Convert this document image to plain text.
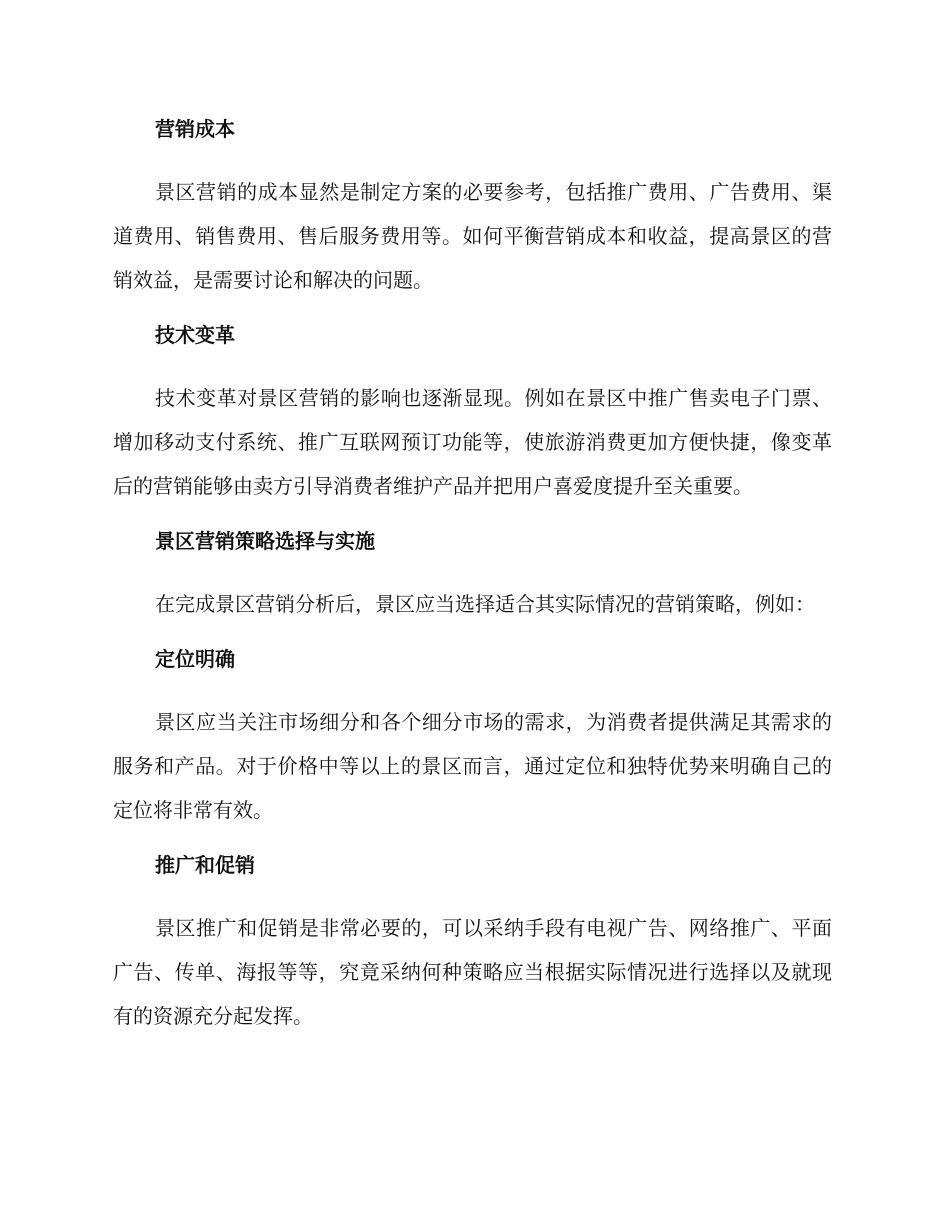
营销成本
景区营销的成本显然是制定方案的必要参考，包括推广费用、广告费用、渠道费用、销售费用、售后服务费用等。如何平衡营销成本和收益，提高景区的营销效益，是需要讨论和解决的问题。
技术变革
技术变革对景区营销的影响也逐渐显现。例如在景区中推广售卖电子门票、增加移动支付系统、推广互联网预订功能等，使旅游消费更加方便快捷，像变革后的营销能够由卖方引导消费者维护产品并把用户喜爱度提升至关重要。
景区营销策略选择与实施
在完成景区营销分析后，景区应当选择适合其实际情况的营销策略，例如：
定位明确
景区应当关注市场细分和各个细分市场的需求，为消费者提供满足其需求的服务和产品。对于价格中等以上的景区而言，通过定位和独特优势来明确自己的定位将非常有效。
推广和促销
景区推广和促销是非常必要的，可以采纳手段有电视广告、网络推广、平面广告、传单、海报等等，究竟采纳何种策略应当根据实际情况进行选择以及就现有的资源充分起发挥。
